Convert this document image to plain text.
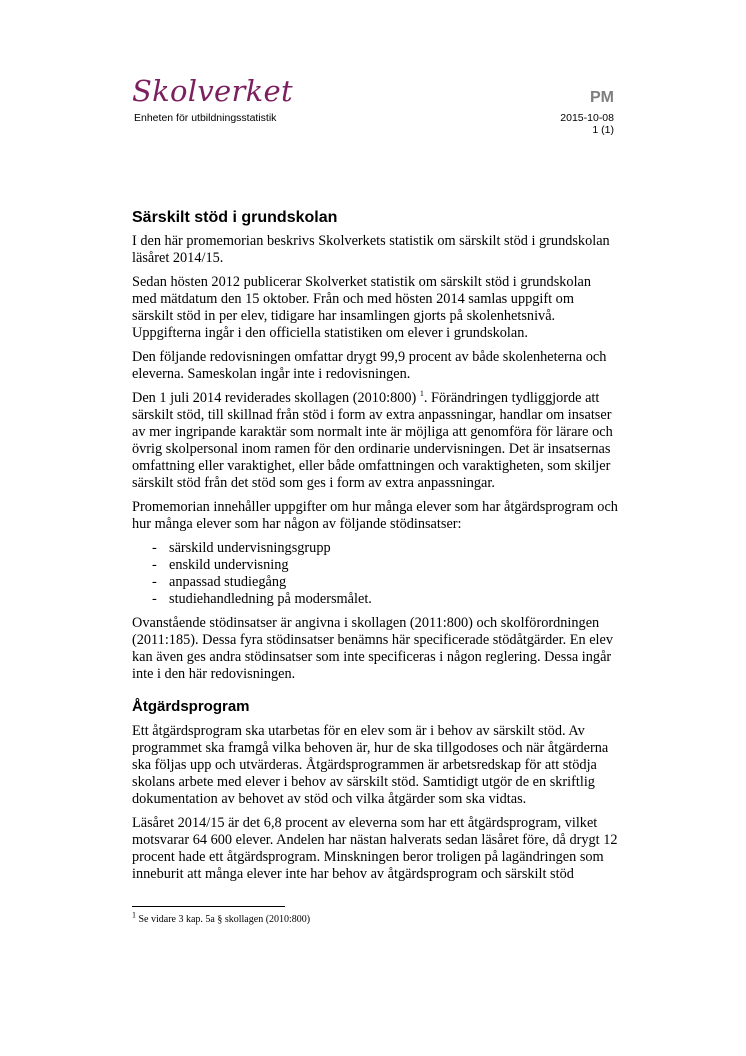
Skolverket
Enheten för utbildningsstatistik
PM
2015-10-08
1 (1)
Särskilt stöd i grundskolan

I den här promemorian beskrivs Skolverkets statistik om särskilt stöd i grundskolan läsåret 2014/15.

Sedan hösten 2012 publicerar Skolverket statistik om särskilt stöd i grundskolan med mätdatum den 15 oktober. Från och med hösten 2014 samlas uppgift om särskilt stöd in per elev, tidigare har insamlingen gjorts på skolenhetsnivå. Uppgifterna ingår i den officiella statistiken om elever i grundskolan.

Den följande redovisningen omfattar drygt 99,9 procent av både skolenheterna och eleverna. Sameskolan ingår inte i redovisningen.

Den 1 juli 2014 reviderades skollagen (2010:800) $^1$. Förändringen tydliggjorde att särskilt stöd, till skillnad från stöd i form av extra anpassningar, handlar om insatser av mer ingripande karaktär som normalt inte är möjliga att genomföra för lärare och övrig skolpersonal inom ramen för den ordinarie undervisningen. Det är insatsernas omfattning eller varaktighet, eller både omfattningen och varaktigheten, som skiljer särskilt stöd från det stöd som ges i form av extra anpassningar.

Promemorian innehåller uppgifter om hur många elever som har åtgärdsprogram och hur många elever som har någon av följande stödinsatser:

- särskild undervisningsgrupp
- enskild undervisning
- anpassad studiegång
- studiehandledning på modersmålet.

Ovanstående stödinsatser är angivna i skollagen (2011:800) och skolförordningen (2011:185). Dessa fyra stödinsatser benämns här specificerade stödåtgärder. En elev kan även ges andra stödinsatser som inte specificeras i någon reglering. Dessa ingår inte i den här redovisningen.

Åtgärdsprogram

Ett åtgärdsprogram ska utarbetas för en elev som är i behov av särskilt stöd. Av programmet ska framgå vilka behoven är, hur de ska tillgodoses och när åtgärderna ska följas upp och utvärderas. Åtgärdsprogrammen är arbetsredskap för att stödja skolans arbete med elever i behov av särskilt stöd. Samtidigt utgör de en skriftlig dokumentation av behovet av stöd och vilka åtgärder som ska vidtas.

Läsåret 2014/15 är det 6,8 procent av eleverna som har ett åtgärdsprogram, vilket motsvarar 64 600 elever. Andelen har nästan halverats sedan läsåret före, då drygt 12 procent hade ett åtgärdsprogram. Minskningen beror troligen på lagändringen som inneburit att många elever inte har behov av åtgärdsprogram och särskilt stöd

$^1$ Se vidare 3 kap. 5a § skollagen (2010:800)
